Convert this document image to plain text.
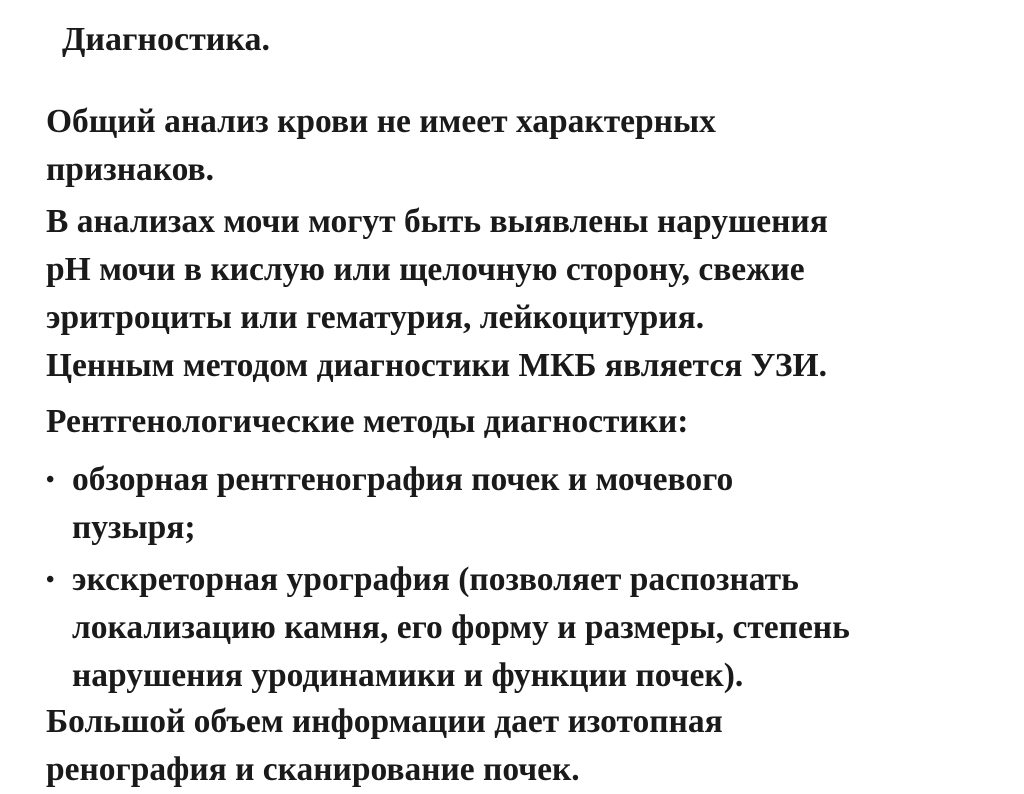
Диагностика.
Общий анализ крови не имеет характерных
признаков.
В анализах мочи могут быть выявлены нарушения
рН мочи в кислую или щелочную сторону, свежие
эритроциты или гематурия, лейкоцитурия.
Ценным методом диагностики МКБ является УЗИ.
Рентгенологические методы диагностики:
• обзорная рентгенография почек и мочевого
пузыря;
• экскреторная урография (позволяет распознать
локализацию камня, его форму и размеры, степень
нарушения уродинамики и функции почек).
Большой объем информации дает изотопная
ренография и сканирование почек.
